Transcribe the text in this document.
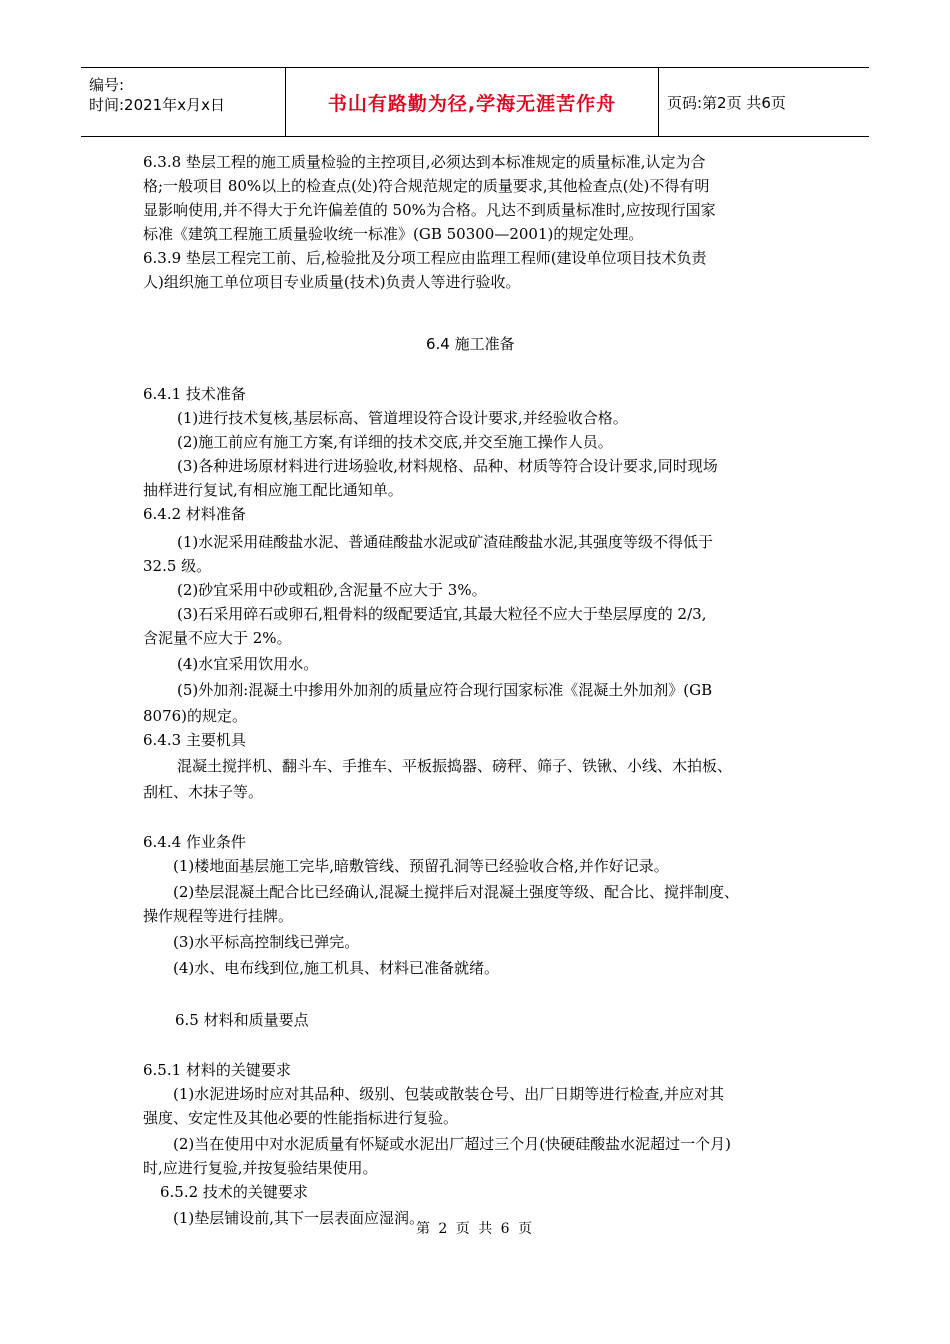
编号:
时间:2021年x月x日	书山有路勤为径,学海无涯苦作舟	页码:第2页 共6页
6.3.8 垫层工程的施工质量检验的主控项目,必须达到本标准规定的质量标准,认定为合
格;一般项目 80%以上的检查点(处)符合规范规定的质量要求,其他检查点(处)不得有明
显影响使用,并不得大于允许偏差值的 50%为合格。凡达不到质量标准时,应按现行国家
标准《建筑工程施工质量验收统一标准》(GB 50300—2001)的规定处理。
6.3.9 垫层工程完工前、后,检验批及分项工程应由监理工程师(建设单位项目技术负责
人)组织施工单位项目专业质量(技术)负责人等进行验收。
6.4 施工准备
6.4.1 技术准备
(1)进行技术复核,基层标高、管道埋设符合设计要求,并经验收合格。
(2)施工前应有施工方案,有详细的技术交底,并交至施工操作人员。
(3)各种进场原材料进行进场验收,材料规格、品种、材质等符合设计要求,同时现场
抽样进行复试,有相应施工配比通知单。
6.4.2 材料准备
(1)水泥采用硅酸盐水泥、普通硅酸盐水泥或矿渣硅酸盐水泥,其强度等级不得低于
32.5 级。
(2)砂宜采用中砂或粗砂,含泥量不应大于 3%。
(3)石采用碎石或卵石,粗骨料的级配要适宜,其最大粒径不应大于垫层厚度的 2/3,
含泥量不应大于 2%。
(4)水宜采用饮用水。
(5)外加剂:混凝土中掺用外加剂的质量应符合现行国家标准《混凝土外加剂》(GB
8076)的规定。
6.4.3 主要机具
混凝土搅拌机、翻斗车、手推车、平板振捣器、磅秤、筛子、铁锹、小线、木拍板、
刮杠、木抹子等。
6.4.4 作业条件
(1)楼地面基层施工完毕,暗敷管线、预留孔洞等已经验收合格,并作好记录。
(2)垫层混凝土配合比已经确认,混凝土搅拌后对混凝土强度等级、配合比、搅拌制度、
操作规程等进行挂牌。
(3)水平标高控制线已弹完。
(4)水、电布线到位,施工机具、材料已准备就绪。
6.5 材料和质量要点
6.5.1 材料的关键要求
(1)水泥进场时应对其品种、级别、包装或散装仓号、出厂日期等进行检查,并应对其
强度、安定性及其他必要的性能指标进行复验。
(2)当在使用中对水泥质量有怀疑或水泥出厂超过三个月(快硬硅酸盐水泥超过一个月)
时,应进行复验,并按复验结果使用。
6.5.2 技术的关键要求
(1)垫层铺设前,其下一层表面应湿润。
第 2 页 共 6 页
